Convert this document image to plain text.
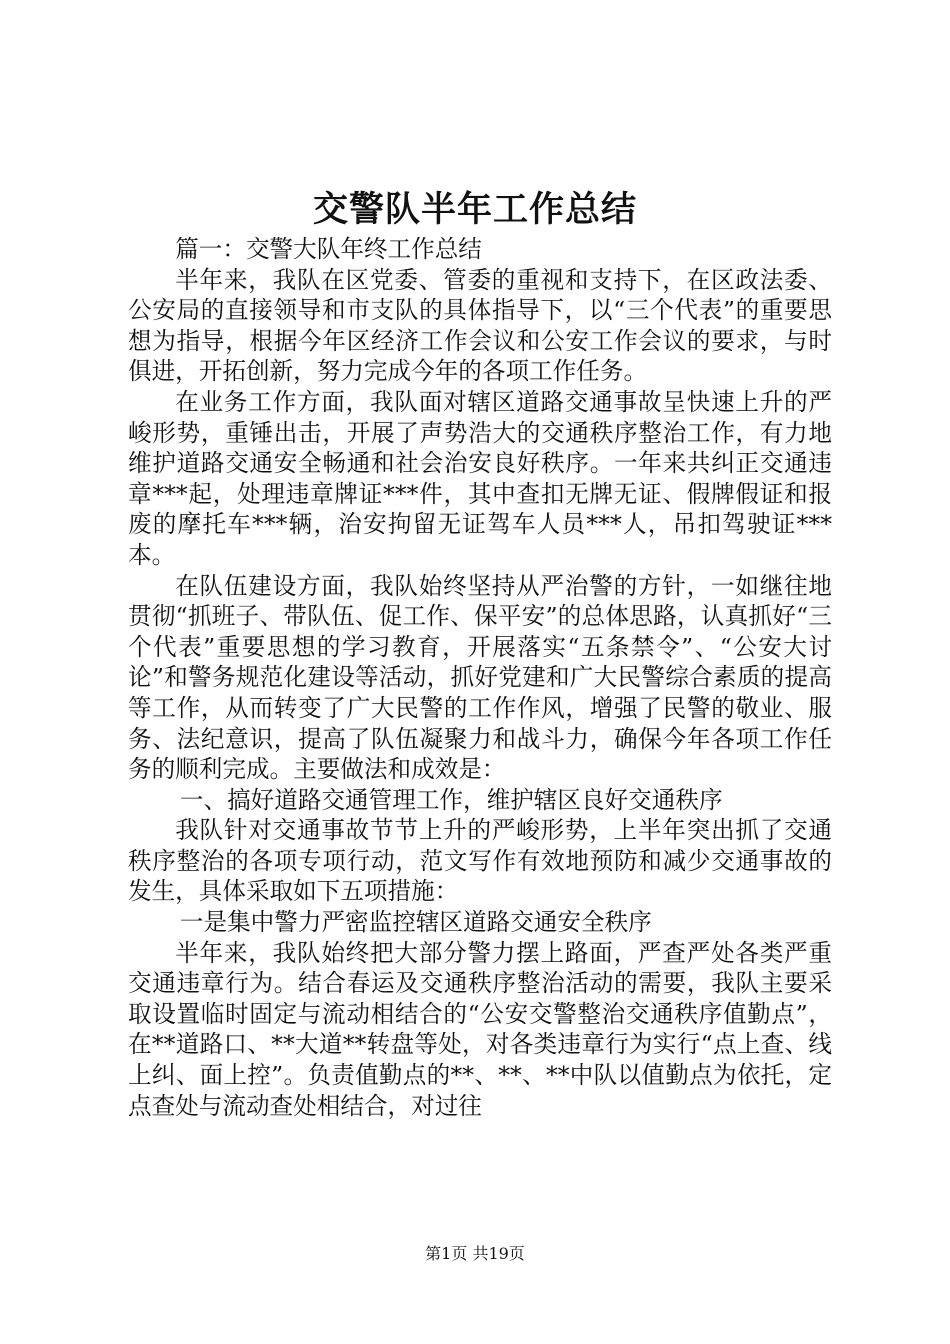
交警队半年工作总结

篇一：交警大队年终工作总结

半年来，我队在区党委、管委的重视和支持下，在区政法委、公安局的直接领导和市支队的具体指导下，以“三个代表”的重要思想为指导，根据今年区经济工作会议和公安工作会议的要求，与时俱进，开拓创新，努力完成今年的各项工作任务。

在业务工作方面，我队面对辖区道路交通事故呈快速上升的严峻形势，重锤出击，开展了声势浩大的交通秩序整治工作，有力地维护道路交通安全畅通和社会治安良好秩序。一年来共纠正交通违章***起，处理违章牌证***件，其中查扣无牌无证、假牌假证和报废的摩托车***辆，治安拘留无证驾车人员***人，吊扣驾驶证***本。

在队伍建设方面，我队始终坚持从严治警的方针，一如继往地贯彻“抓班子、带队伍、促工作、保平安”的总体思路，认真抓好“三个代表”重要思想的学习教育，开展落实“五条禁令”、“公安大讨论”和警务规范化建设等活动，抓好党建和广大民警综合素质的提高等工作，从而转变了广大民警的工作作风，增强了民警的敬业、服务、法纪意识，提高了队伍凝聚力和战斗力，确保今年各项工作任务的顺利完成。主要做法和成效是：

一、搞好道路交通管理工作，维护辖区良好交通秩序

我队针对交通事故节节上升的严峻形势，上半年突出抓了交通秩序整治的各项专项行动，范文写作有效地预防和减少交通事故的发生，具体采取如下五项措施：

一是集中警力严密监控辖区道路交通安全秩序

半年来，我队始终把大部分警力摆上路面，严查严处各类严重交通违章行为。结合春运及交通秩序整治活动的需要，我队主要采取设置临时固定与流动相结合的“公安交警整治交通秩序值勤点”，在**道路口、**大道**转盘等处，对各类违章行为实行“点上查、线上纠、面上控”。负责值勤点的**、**、**中队以值勤点为依托，定点查处与流动查处相结合，对过往

第1页 共19页
